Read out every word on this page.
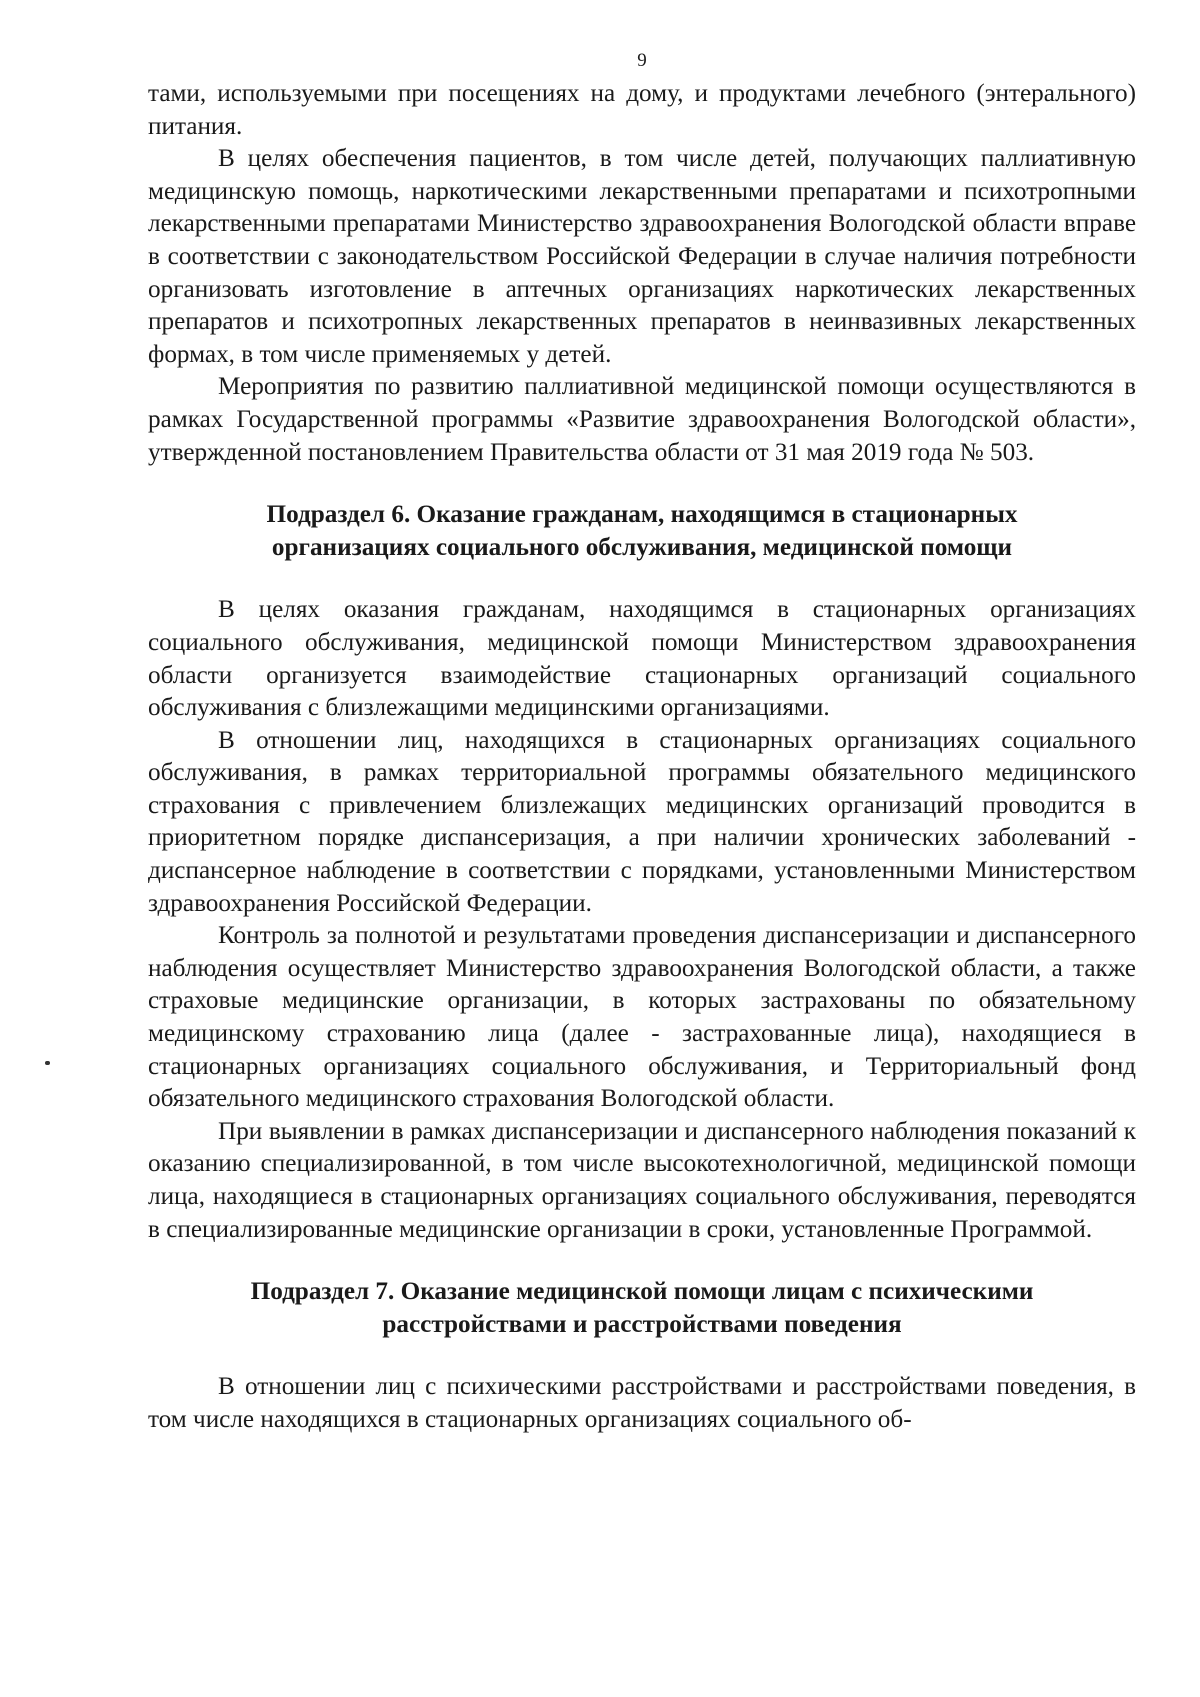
9

тами, используемыми при посещениях на дому, и продуктами лечебного (энтерального) питания.

В целях обеспечения пациентов, в том числе детей, получающих паллиативную медицинскую помощь, наркотическими лекарственными препаратами и психотропными лекарственными препаратами Министерство здравоохранения Вологодской области вправе в соответствии с законодательством Российской Федерации в случае наличия потребности организовать изготовление в аптечных организациях наркотических лекарственных препаратов и психотропных лекарственных препаратов в неинвазивных лекарственных формах, в том числе применяемых у детей.

Мероприятия по развитию паллиативной медицинской помощи осуществляются в рамках Государственной программы «Развитие здравоохранения Вологодской области», утвержденной постановлением Правительства области от 31 мая 2019 года № 503.

Подраздел 6. Оказание гражданам, находящимся в стационарных
организациях социального обслуживания, медицинской помощи

В целях оказания гражданам, находящимся в стационарных организациях социального обслуживания, медицинской помощи Министерством здравоохранения области организуется взаимодействие стационарных организаций социального обслуживания с близлежащими медицинскими организациями.

В отношении лиц, находящихся в стационарных организациях социального обслуживания, в рамках территориальной программы обязательного медицинского страхования с привлечением близлежащих медицинских организаций проводится в приоритетном порядке диспансеризация, а при наличии хронических заболеваний - диспансерное наблюдение в соответствии с порядками, установленными Министерством здравоохранения Российской Федерации.

Контроль за полнотой и результатами проведения диспансеризации и диспансерного наблюдения осуществляет Министерство здравоохранения Вологодской области, а также страховые медицинские организации, в которых застрахованы по обязательному медицинскому страхованию лица (далее - застрахованные лица), находящиеся в стационарных организациях социального обслуживания, и Территориальный фонд обязательного медицинского страхования Вологодской области.

При выявлении в рамках диспансеризации и диспансерного наблюдения показаний к оказанию специализированной, в том числе высокотехнологичной, медицинской помощи лица, находящиеся в стационарных организациях социального обслуживания, переводятся в специализированные медицинские организации в сроки, установленные Программой.

Подраздел 7. Оказание медицинской помощи лицам с психическими
расстройствами и расстройствами поведения

В отношении лиц с психическими расстройствами и расстройствами поведения, в том числе находящихся в стационарных организациях социального об-
